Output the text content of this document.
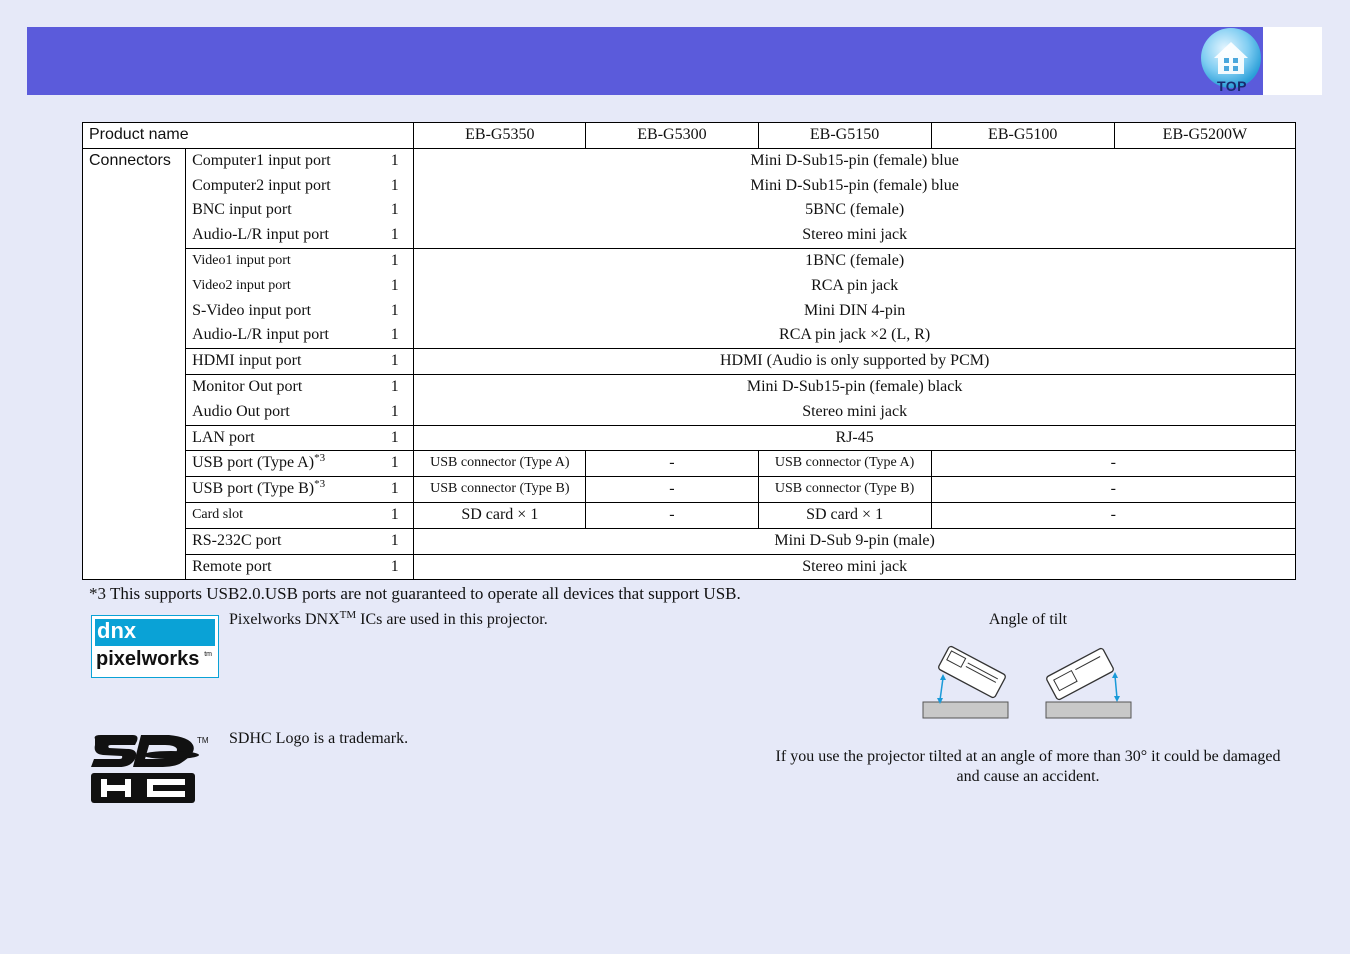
TOP
Product name			EB-G5350	EB-G5300	EB-G5150	EB-G5100	EB-G5200W
Connectors	Computer1 input port	1	Mini D-Sub15-pin (female) blue				
	Computer2 input port	1	Mini D-Sub15-pin (female) blue				
	BNC input port	1	5BNC (female)				
	Audio-L/R input port	1	Stereo mini jack				
	Video1 input port	1	1BNC (female)				
	Video2 input port	1	RCA pin jack				
	S-Video input port	1	Mini DIN 4-pin				
	Audio-L/R input port	1	RCA pin jack ×2 (L, R)				
	HDMI input port	1	HDMI (Audio is only supported by PCM)				
	Monitor Out port	1	Mini D-Sub15-pin (female) black				
	Audio Out port	1	Stereo mini jack				
	LAN port	1	RJ-45				
	USB port (Type A)$^{*3}$	1	USB connector (Type A)	-	USB connector (Type A)	-	
	USB port (Type B)$^{*3}$	1	USB connector (Type B)	-	USB connector (Type B)	-	
	Card slot	1	SD card × 1	-	SD card × 1	-	
	RS-232C port	1	Mini D-Sub 9-pin (male)				
	Remote port	1	Stereo mini jack				
*3 This supports USB2.0.USB ports are not guaranteed to operate all devices that support USB.
dnx
pixelworks tm
Pixelworks DNX™ ICs are used in this projector.
TM SDHC Logo is a trademark.
Angle of tilt
If you use the projector tilted at an angle of more than 30° it could be damaged and cause an accident.
